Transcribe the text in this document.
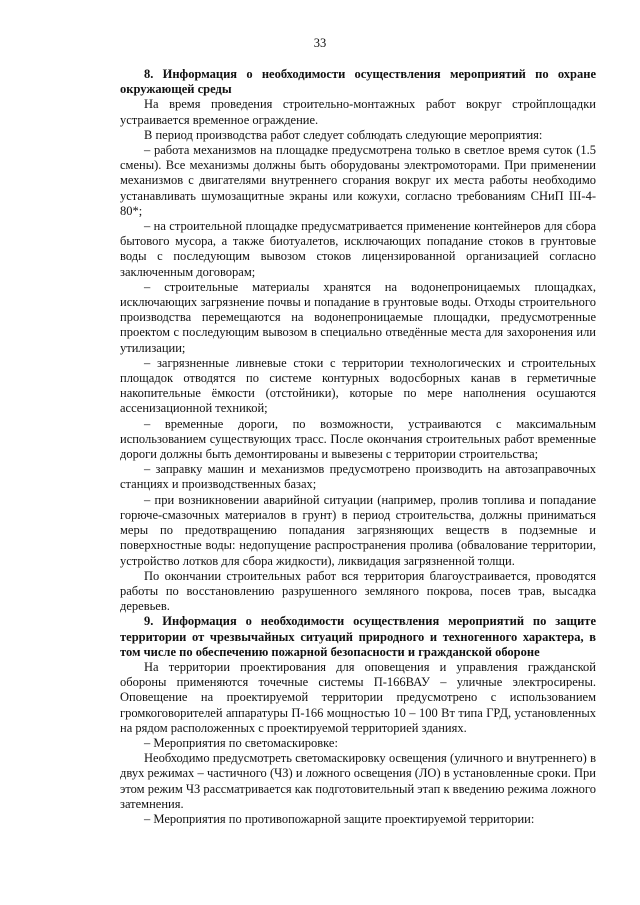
33

8. Информация о необходимости осуществления мероприятий по охране окружающей среды

На время проведения строительно-монтажных работ вокруг стройплощадки устраивается временное ограждение.

В период производства работ следует соблюдать следующие мероприятия:

– работа механизмов на площадке предусмотрена только в светлое время суток (1.5 смены). Все механизмы должны быть оборудованы электромоторами. При применении механизмов с двигателями внутреннего сгорания вокруг их места работы необходимо устанавливать шумозащитные экраны или кожухи, согласно требованиям СНиП III-4-80*;

– на строительной площадке предусматривается применение контейнеров для сбора бытового мусора, а также биотуалетов, исключающих попадание стоков в грунтовые воды с последующим вывозом стоков лицензированной организацией согласно заключенным договорам;

– строительные материалы хранятся на водонепроницаемых площадках, исключающих загрязнение почвы и попадание в грунтовые воды. Отходы строительного производства перемещаются на водонепроницаемые площадки, предусмотренные проектом с последующим вывозом в специально отведённые места для захоронения или утилизации;

– загрязненные ливневые стоки с территории технологических и строительных площадок отводятся по системе контурных водосборных канав в герметичные накопительные ёмкости (отстойники), которые по мере наполнения осушаются ассенизационной техникой;

– временные дороги, по возможности, устраиваются с максимальным использованием существующих трасс. После окончания строительных работ временные дороги должны быть демонтированы и вывезены с территории строительства;

– заправку машин и механизмов предусмотрено производить на автозаправочных станциях и производственных базах;

– при возникновении аварийной ситуации (например, пролив топлива и попадание горюче-смазочных материалов в грунт) в период строительства, должны приниматься меры по предотвращению попадания загрязняющих веществ в подземные и поверхностные воды: недопущение распространения пролива (обвалование территории, устройство лотков для сбора жидкости), ликвидация загрязненной толщи.

По окончании строительных работ вся территория благоустраивается, проводятся работы по восстановлению разрушенного земляного покрова, посев трав, высадка деревьев.

9. Информация о необходимости осуществления мероприятий по защите территории от чрезвычайных ситуаций природного и техногенного характера, в том числе по обеспечению пожарной безопасности и гражданской обороне

На территории проектирования для оповещения и управления гражданской обороны применяются точечные системы П-166ВАУ – уличные электросирены. Оповещение на проектируемой территории предусмотрено с использованием громкоговорителей аппаратуры П-166 мощностью 10 – 100 Вт типа ГРД, установленных на рядом расположенных с проектируемой территорией зданиях.

– Мероприятия по светомаскировке:

Необходимо предусмотреть светомаскировку освещения (уличного и внутреннего) в двух режимах – частичного (ЧЗ) и ложного освещения (ЛО) в установленные сроки. При этом режим ЧЗ рассматривается как подготовительный этап к введению режима ложного затемнения.

– Мероприятия по противопожарной защите проектируемой территории:
